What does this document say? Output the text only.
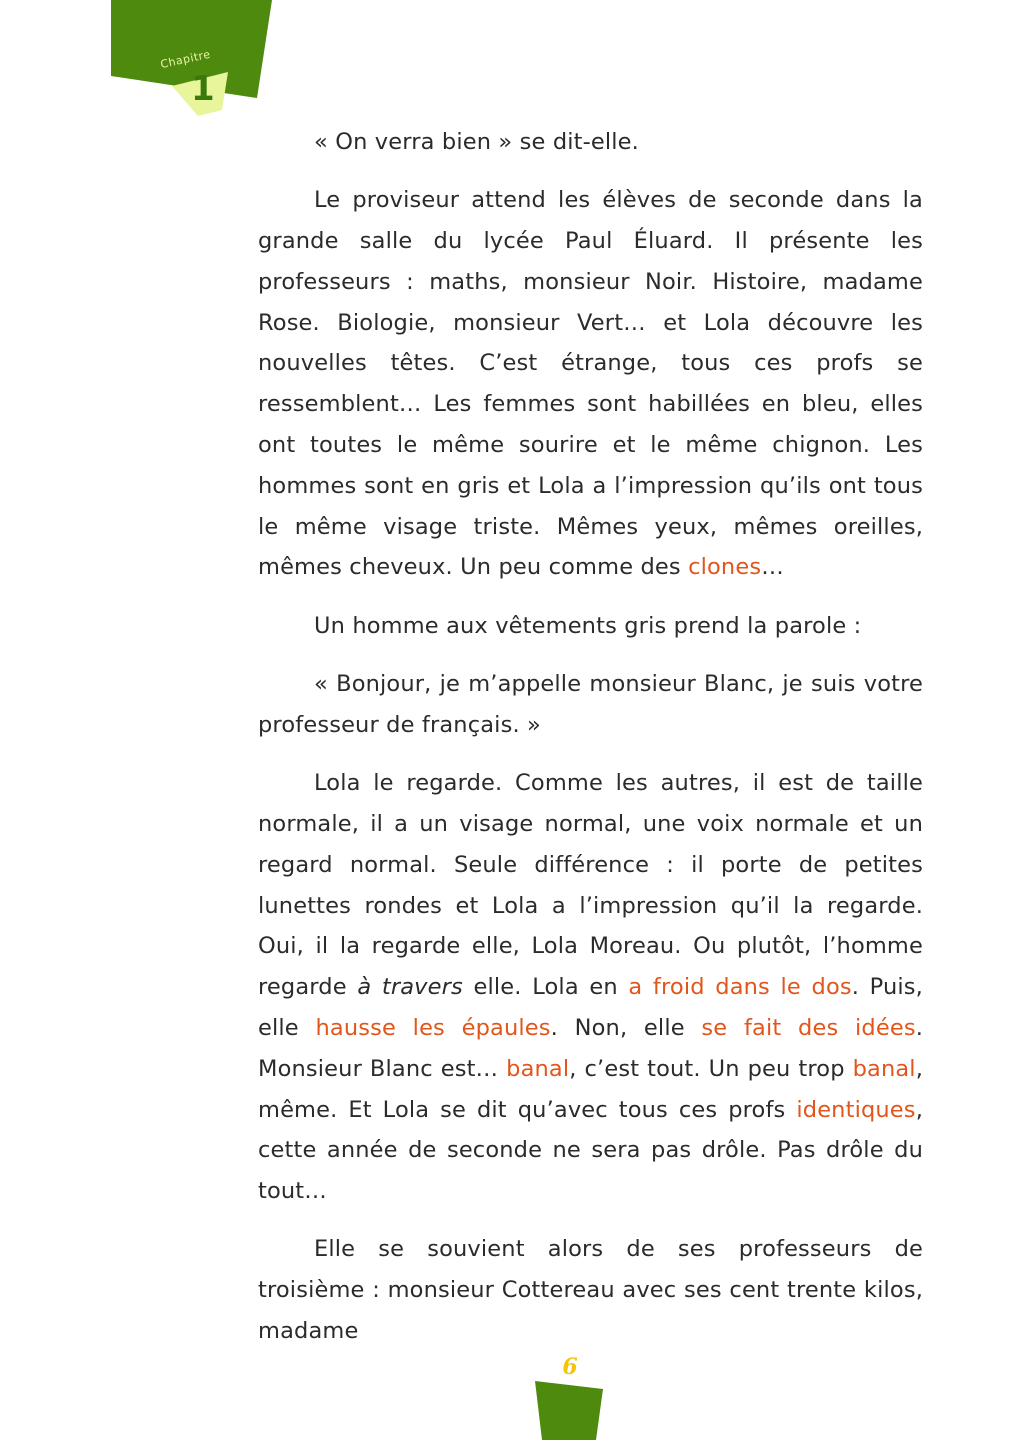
Chapitre
1

« On verra bien » se dit-elle.

Le proviseur attend les élèves de seconde dans la grande salle du lycée Paul Éluard. Il présente les professeurs : maths, monsieur Noir. Histoire, madame Rose. Biologie, monsieur Vert… et Lola découvre les nouvelles têtes. C’est étrange, tous ces profs se ressemblent… Les femmes sont habillées en bleu, elles ont toutes le même sourire et le même chignon. Les hommes sont en gris et Lola a l’impression qu’ils ont tous le même visage triste. Mêmes yeux, mêmes oreilles, mêmes cheveux. Un peu comme des clones…

Un homme aux vêtements gris prend la parole :

« Bonjour, je m’appelle monsieur Blanc, je suis votre professeur de français. »

Lola le regarde. Comme les autres, il est de taille normale, il a un visage normal, une voix normale et un regard normal. Seule différence : il porte de petites lunettes rondes et Lola a l’impression qu’il la regarde. Oui, il la regarde elle, Lola Moreau. Ou plutôt, l’homme regarde à travers elle. Lola en a froid dans le dos. Puis, elle hausse les épaules. Non, elle se fait des idées. Monsieur Blanc est… banal, c’est tout. Un peu trop banal, même. Et Lola se dit qu’avec tous ces profs identiques, cette année de seconde ne sera pas drôle. Pas drôle du tout…

Elle se souvient alors de ses professeurs de troisième : monsieur Cottereau avec ses cent trente kilos, madame

6
